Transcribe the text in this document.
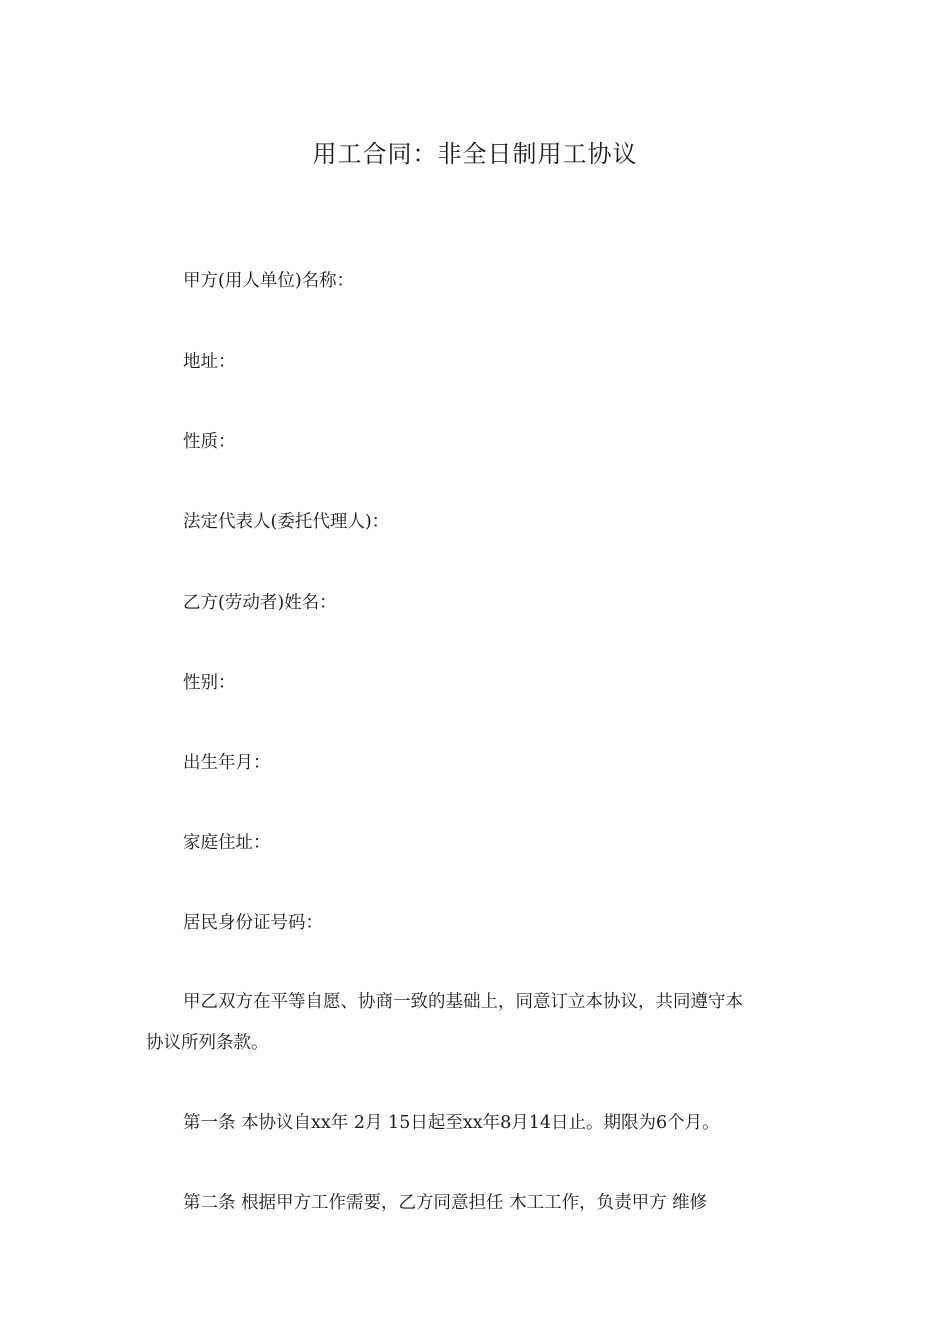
用工合同：非全日制用工协议
甲方(用人单位)名称：
地址：
性质：
法定代表人(委托代理人)：
乙方(劳动者)姓名：
性别：
出生年月：
家庭住址：
居民身份证号码：
甲乙双方在平等自愿、协商一致的基础上，同意订立本协议，共同遵守本
协议所列条款。
第一条 本协议自xx年 2月 15日起至xx年8月14日止。期限为6个月。
第二条 根据甲方工作需要，乙方同意担任 木工工作，负责甲方 维修
